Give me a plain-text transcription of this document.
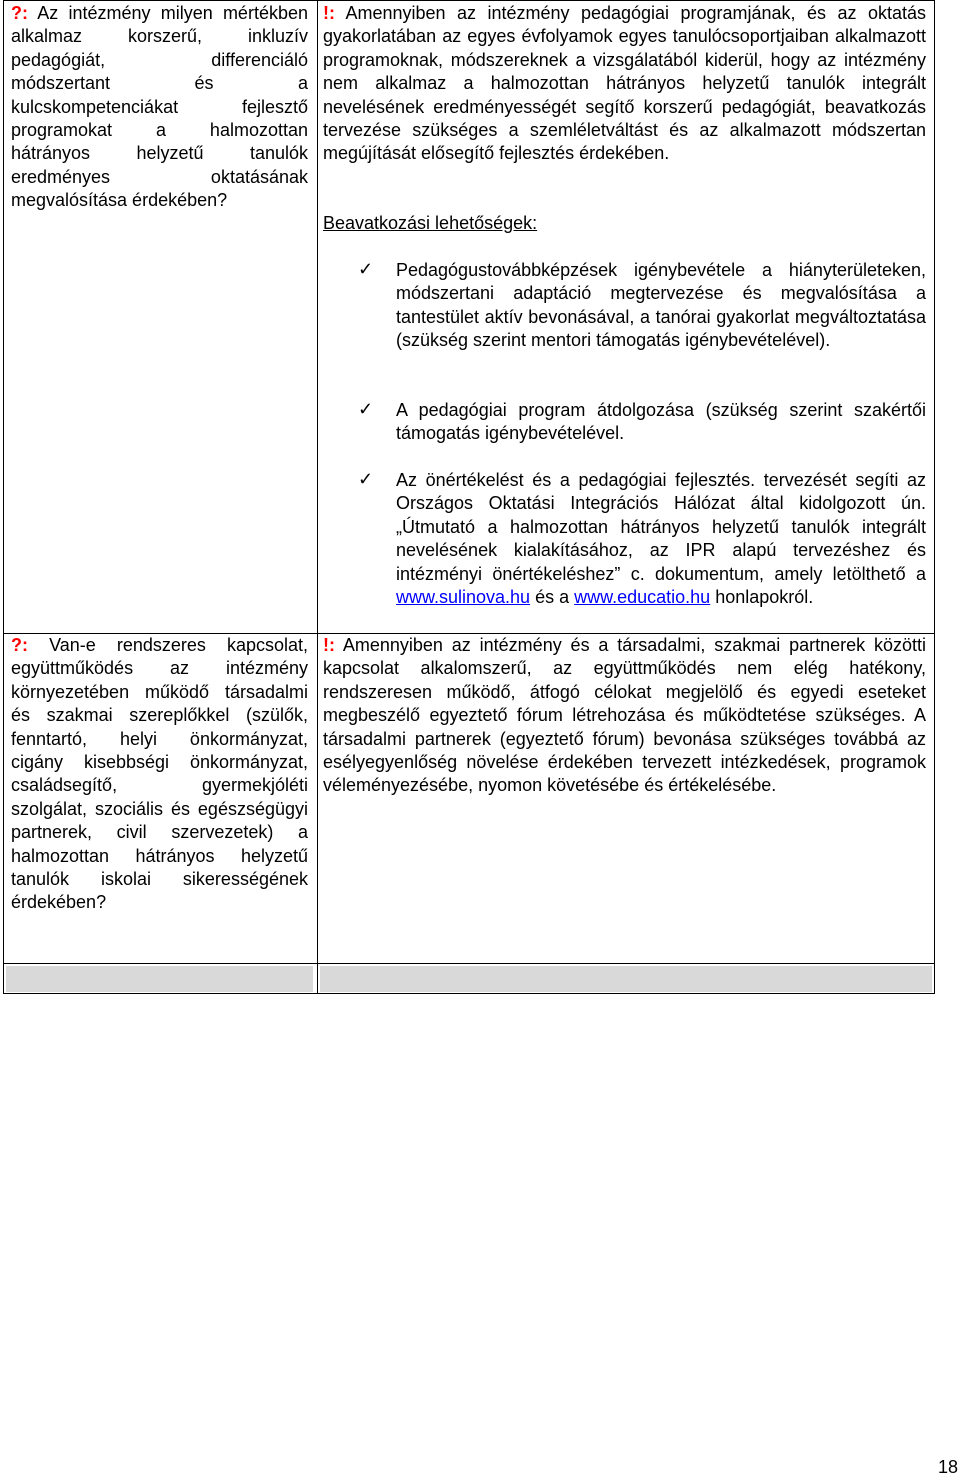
?: Az intézmény milyen mértékben alkalmaz korszerű, inkluzív pedagógiát, differenciáló módszertant és a kulcskompetenciákat fejlesztő programokat a halmozottan hátrányos helyzetű tanulók eredményes oktatásának megvalósítása érdekében?
!: Amennyiben az intézmény pedagógiai programjának, és az oktatás gyakorlatában az egyes évfolyamok egyes tanulócsoportjaiban alkalmazott programoknak, módszereknek a vizsgálatából kiderül, hogy az intézmény nem alkalmaz a halmozottan hátrányos helyzetű tanulók integrált nevelésének eredményességét segítő korszerű pedagógiát, beavatkozás tervezése szükséges a szemléletváltást és az alkalmazott módszertan megújítását elősegítő fejlesztés érdekében.
Beavatkozási lehetőségek:
✓ Pedagógustovábbképzések igénybevétele a hiányterületeken, módszertani adaptáció megtervezése és megvalósítása a tantestület aktív bevonásával, a tanórai gyakorlat megváltoztatása (szükség szerint mentori támogatás igénybevételével).
✓ A pedagógiai program átdolgozása (szükség szerint szakértői támogatás igénybevételével.
✓ Az önértékelést és a pedagógiai fejlesztés. tervezését segíti az Országos Oktatási Integrációs Hálózat által kidolgozott ún. „Útmutató a halmozottan hátrányos helyzetű tanulók integrált nevelésének kialakításához, az IPR alapú tervezéshez és intézményi önértékeléshez” c. dokumentum, amely letölthető a www.sulinova.hu és a www.educatio.hu honlapokról.
?: Van-e rendszeres kapcsolat, együttműködés az intézmény környezetében működő társadalmi és szakmai szereplőkkel (szülők, fenntartó, helyi önkormányzat, cigány kisebbségi önkormányzat, családsegítő, gyermekjóléti szolgálat, szociális és egészségügyi partnerek, civil szervezetek) a halmozottan hátrányos helyzetű tanulók iskolai sikerességének érdekében?
!: Amennyiben az intézmény és a társadalmi, szakmai partnerek közötti kapcsolat alkalomszerű, az együttműködés nem elég hatékony, rendszeresen működő, átfogó célokat megjelölő és egyedi eseteket megbeszélő egyeztető fórum létrehozása és működtetése szükséges. A társadalmi partnerek (egyeztető fórum) bevonása szükséges továbbá az esélyegyenlőség növelése érdekében tervezett intézkedések, programok véleményezésébe, nyomon követésébe és értékelésébe.
18
